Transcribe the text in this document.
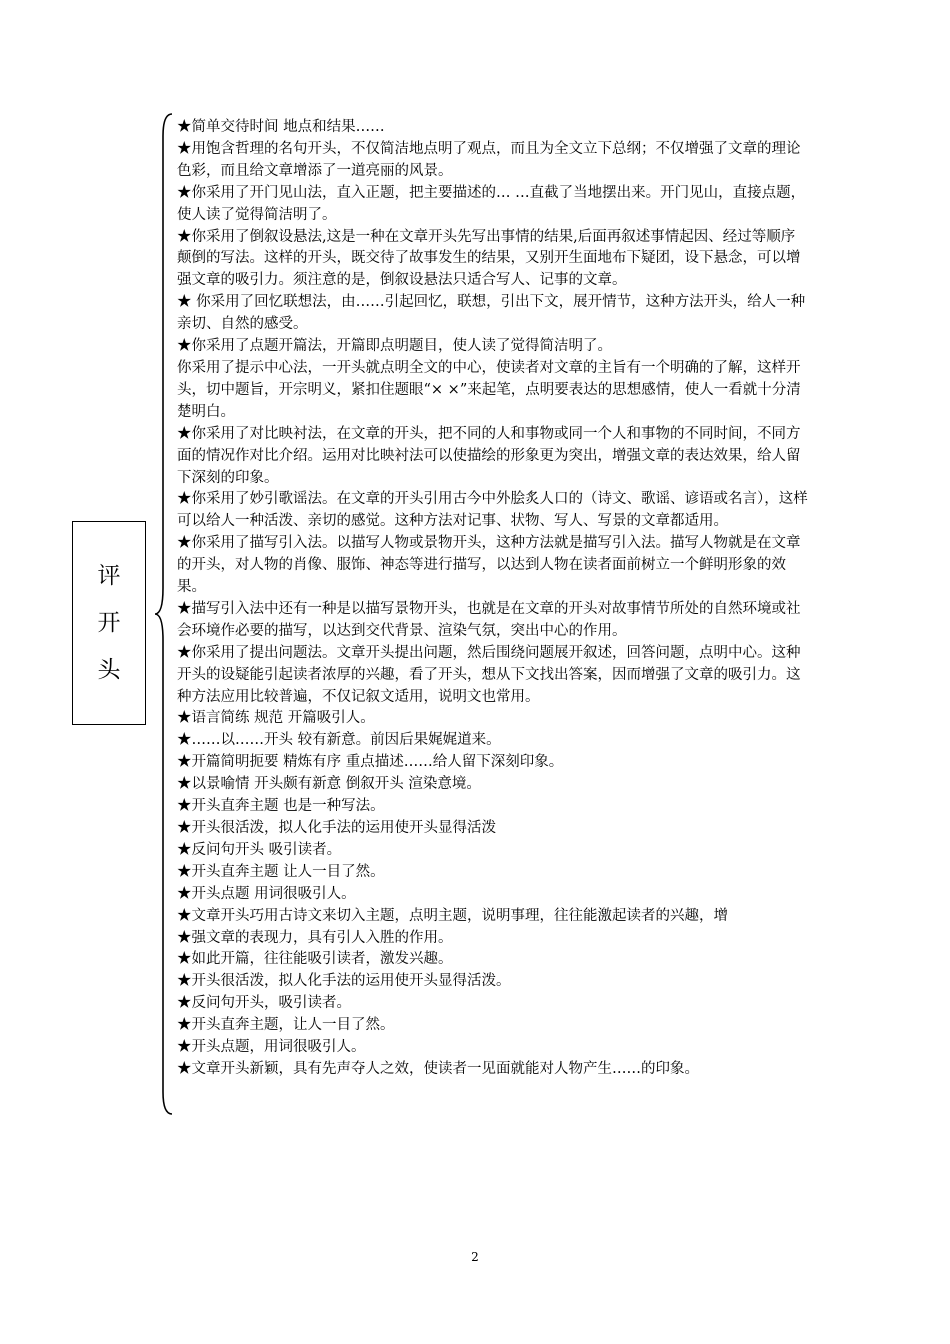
评
开
头

★简单交待时间 地点和结果……

★用饱含哲理的名句开头，不仅简洁地点明了观点，而且为全文立下总纲；不仅增强了文章的理论色彩，而且给文章增添了一道亮丽的风景。

★你采用了开门见山法，直入正题，把主要描述的… …直截了当地摆出来。开门见山，直接点题，使人读了觉得简洁明了。

★你采用了倒叙设悬法,这是一种在文章开头先写出事情的结果,后面再叙述事情起因、经过等顺序颠倒的写法。这样的开头，既交待了故事发生的结果，又别开生面地布下疑团，设下悬念，可以增强文章的吸引力。须注意的是，倒叙设悬法只适合写人、记事的文章。

★ 你采用了回忆联想法，由……引起回忆，联想，引出下文，展开情节，这种方法开头，给人一种亲切、自然的感受。

★你采用了点题开篇法，开篇即点明题目，使人读了觉得简洁明了。

你采用了提示中心法，一开头就点明全文的中心，使读者对文章的主旨有一个明确的了解，这样开头，切中题旨，开宗明义，紧扣住题眼“× ×”来起笔，点明要表达的思想感情，使人一看就十分清楚明白。

★你采用了对比映衬法，在文章的开头，把不同的人和事物或同一个人和事物的不同时间，不同方面的情况作对比介绍。运用对比映衬法可以使描绘的形象更为突出，增强文章的表达效果，给人留下深刻的印象。

★你采用了妙引歌谣法。在文章的开头引用古今中外脍炙人口的（诗文、歌谣、谚语或名言），这样可以给人一种活泼、亲切的感觉。这种方法对记事、状物、写人、写景的文章都适用。

★你采用了描写引入法。以描写人物或景物开头，这种方法就是描写引入法。描写人物就是在文章的开头，对人物的肖像、服饰、神态等进行描写，以达到人物在读者面前树立一个鲜明形象的效果。

★描写引入法中还有一种是以描写景物开头，也就是在文章的开头对故事情节所处的自然环境或社会环境作必要的描写，以达到交代背景、渲染气氛，突出中心的作用。

★你采用了提出问题法。文章开头提出问题，然后围绕问题展开叙述，回答问题，点明中心。这种开头的设疑能引起读者浓厚的兴趣，看了开头，想从下文找出答案，因而增强了文章的吸引力。这种方法应用比较普遍，不仅记叙文适用，说明文也常用。

★语言简练 规范 开篇吸引人。

★……以……开头 较有新意。前因后果娓娓道来。

★开篇简明扼要 精炼有序 重点描述……给人留下深刻印象。

★以景喻情 开头颇有新意 倒叙开头 渲染意境。

★开头直奔主题 也是一种写法。

★开头很活泼，拟人化手法的运用使开头显得活泼

★反问句开头 吸引读者。

★开头直奔主题 让人一目了然。

★开头点题 用词很吸引人。

★文章开头巧用古诗文来切入主题，点明主题，说明事理，往往能激起读者的兴趣，增

★强文章的表现力，具有引人入胜的作用。

★如此开篇，往往能吸引读者，激发兴趣。

★开头很活泼，拟人化手法的运用使开头显得活泼。

★反问句开头，吸引读者。

★开头直奔主题，让人一目了然。

★开头点题，用词很吸引人。

★文章开头新颖，具有先声夺人之效，使读者一见面就能对人物产生……的印象。

2
